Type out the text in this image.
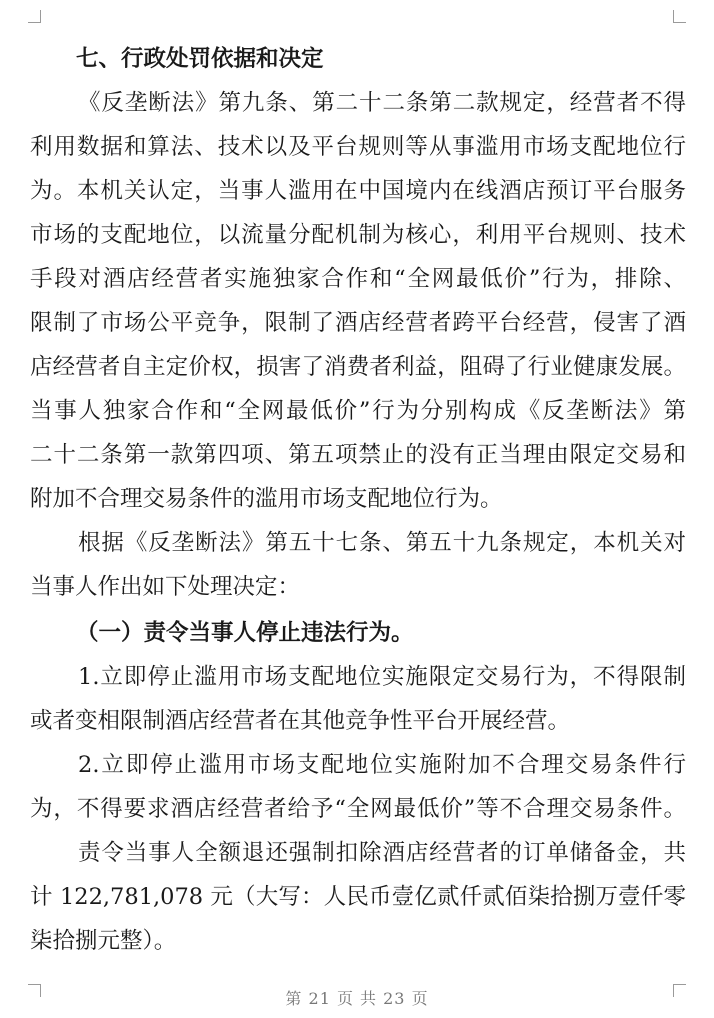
七、行政处罚依据和决定
《反垄断法》第九条、第二十二条第二款规定，经营者不得
利用数据和算法、技术以及平台规则等从事滥用市场支配地位行
为。本机关认定，当事人滥用在中国境内在线酒店预订平台服务
市场的支配地位，以流量分配机制为核心，利用平台规则、技术
手段对酒店经营者实施独家合作和“全网最低价”行为，排除、
限制了市场公平竞争，限制了酒店经营者跨平台经营，侵害了酒
店经营者自主定价权，损害了消费者利益，阻碍了行业健康发展。
当事人独家合作和“全网最低价”行为分别构成《反垄断法》第
二十二条第一款第四项、第五项禁止的没有正当理由限定交易和
附加不合理交易条件的滥用市场支配地位行为。
根据《反垄断法》第五十七条、第五十九条规定，本机关对
当事人作出如下处理决定：
（一）责令当事人停止违法行为。
1.立即停止滥用市场支配地位实施限定交易行为，不得限制
或者变相限制酒店经营者在其他竞争性平台开展经营。
2.立即停止滥用市场支配地位实施附加不合理交易条件行
为，不得要求酒店经营者给予“全网最低价”等不合理交易条件。
责令当事人全额退还强制扣除酒店经营者的订单储备金，共
计 122,781,078 元（大写：人民币壹亿贰仟贰佰柒拾捌万壹仟零
柒拾捌元整）。
第 21 页 共 23 页
